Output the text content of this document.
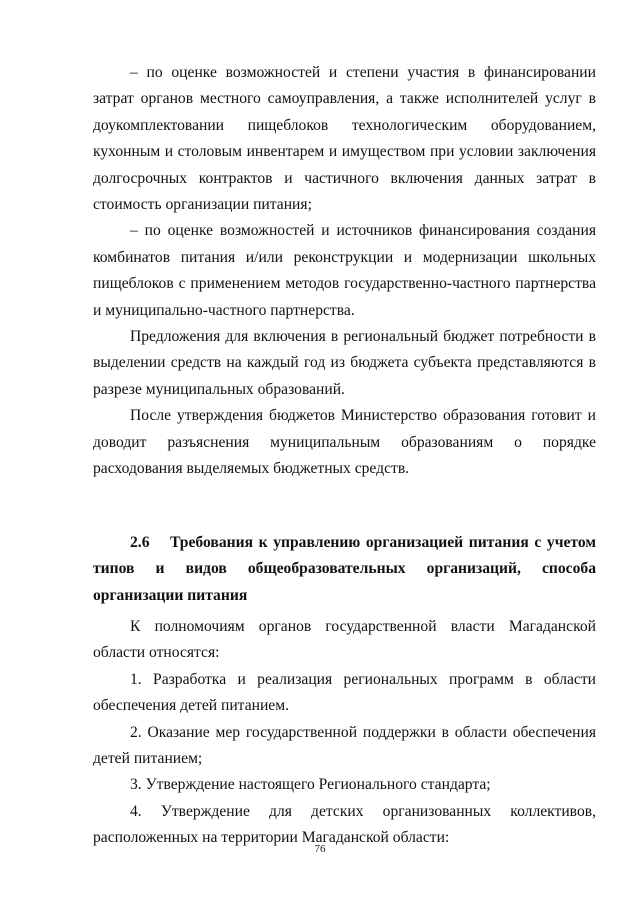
– по оценке возможностей и степени участия в финансировании затрат органов местного самоуправления, а также исполнителей услуг в доукомплектовании пищеблоков технологическим оборудованием, кухонным и столовым инвентарем и имуществом при условии заключения долгосрочных контрактов и частичного включения данных затрат в стоимость организации питания;

– по оценке возможностей и источников финансирования создания комбинатов питания и/или реконструкции и модернизации школьных пищеблоков с применением методов государственно-частного партнерства и муниципально-частного партнерства.

Предложения для включения в региональный бюджет потребности в выделении средств на каждый год из бюджета субъекта представляются в разрезе муниципальных образований.

После утверждения бюджетов Министерство образования готовит и доводит разъяснения муниципальным образованиям о порядке расходования выделяемых бюджетных средств.

2.6 Требования к управлению организацией питания с учетом типов и видов общеобразовательных организаций, способа организации питания

К полномочиям органов государственной власти Магаданской области относятся:

1. Разработка и реализация региональных программ в области обеспечения детей питанием.

2. Оказание мер государственной поддержки в области обеспечения детей питанием;

3. Утверждение настоящего Регионального стандарта;

4. Утверждение для детских организованных коллективов, расположенных на территории Магаданской области:

76
